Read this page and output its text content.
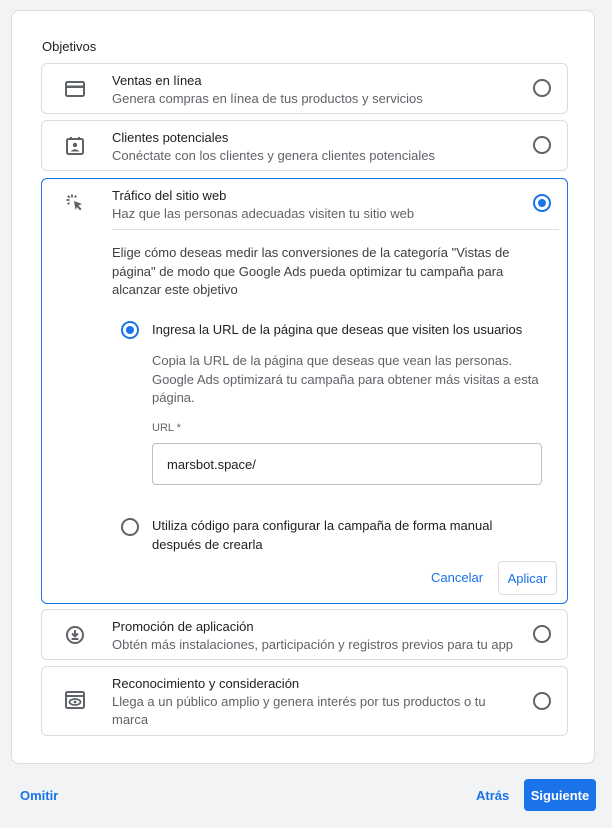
Objetivos
Ventas en línea
Genera compras en línea de tus productos y servicios
Clientes potenciales
Conéctate con los clientes y genera clientes potenciales
Tráfico del sitio web
Haz que las personas adecuadas visiten tu sitio web
Elige cómo deseas medir las conversiones de la categoría "Vistas de página" de modo que Google Ads pueda optimizar tu campaña para alcanzar este objetivo
Ingresa la URL de la página que deseas que visiten los usuarios
Copia la URL de la página que deseas que vean las personas. Google Ads optimizará tu campaña para obtener más visitas a esta página.
URL *
marsbot.space/
Utiliza código para configurar la campaña de forma manual después de crearla
Cancelar	Aplicar
Promoción de aplicación
Obtén más instalaciones, participación y registros previos para tu app
Reconocimiento y consideración
Llega a un público amplio y genera interés por tus productos o tu marca
Omitir	Atrás	Siguiente
